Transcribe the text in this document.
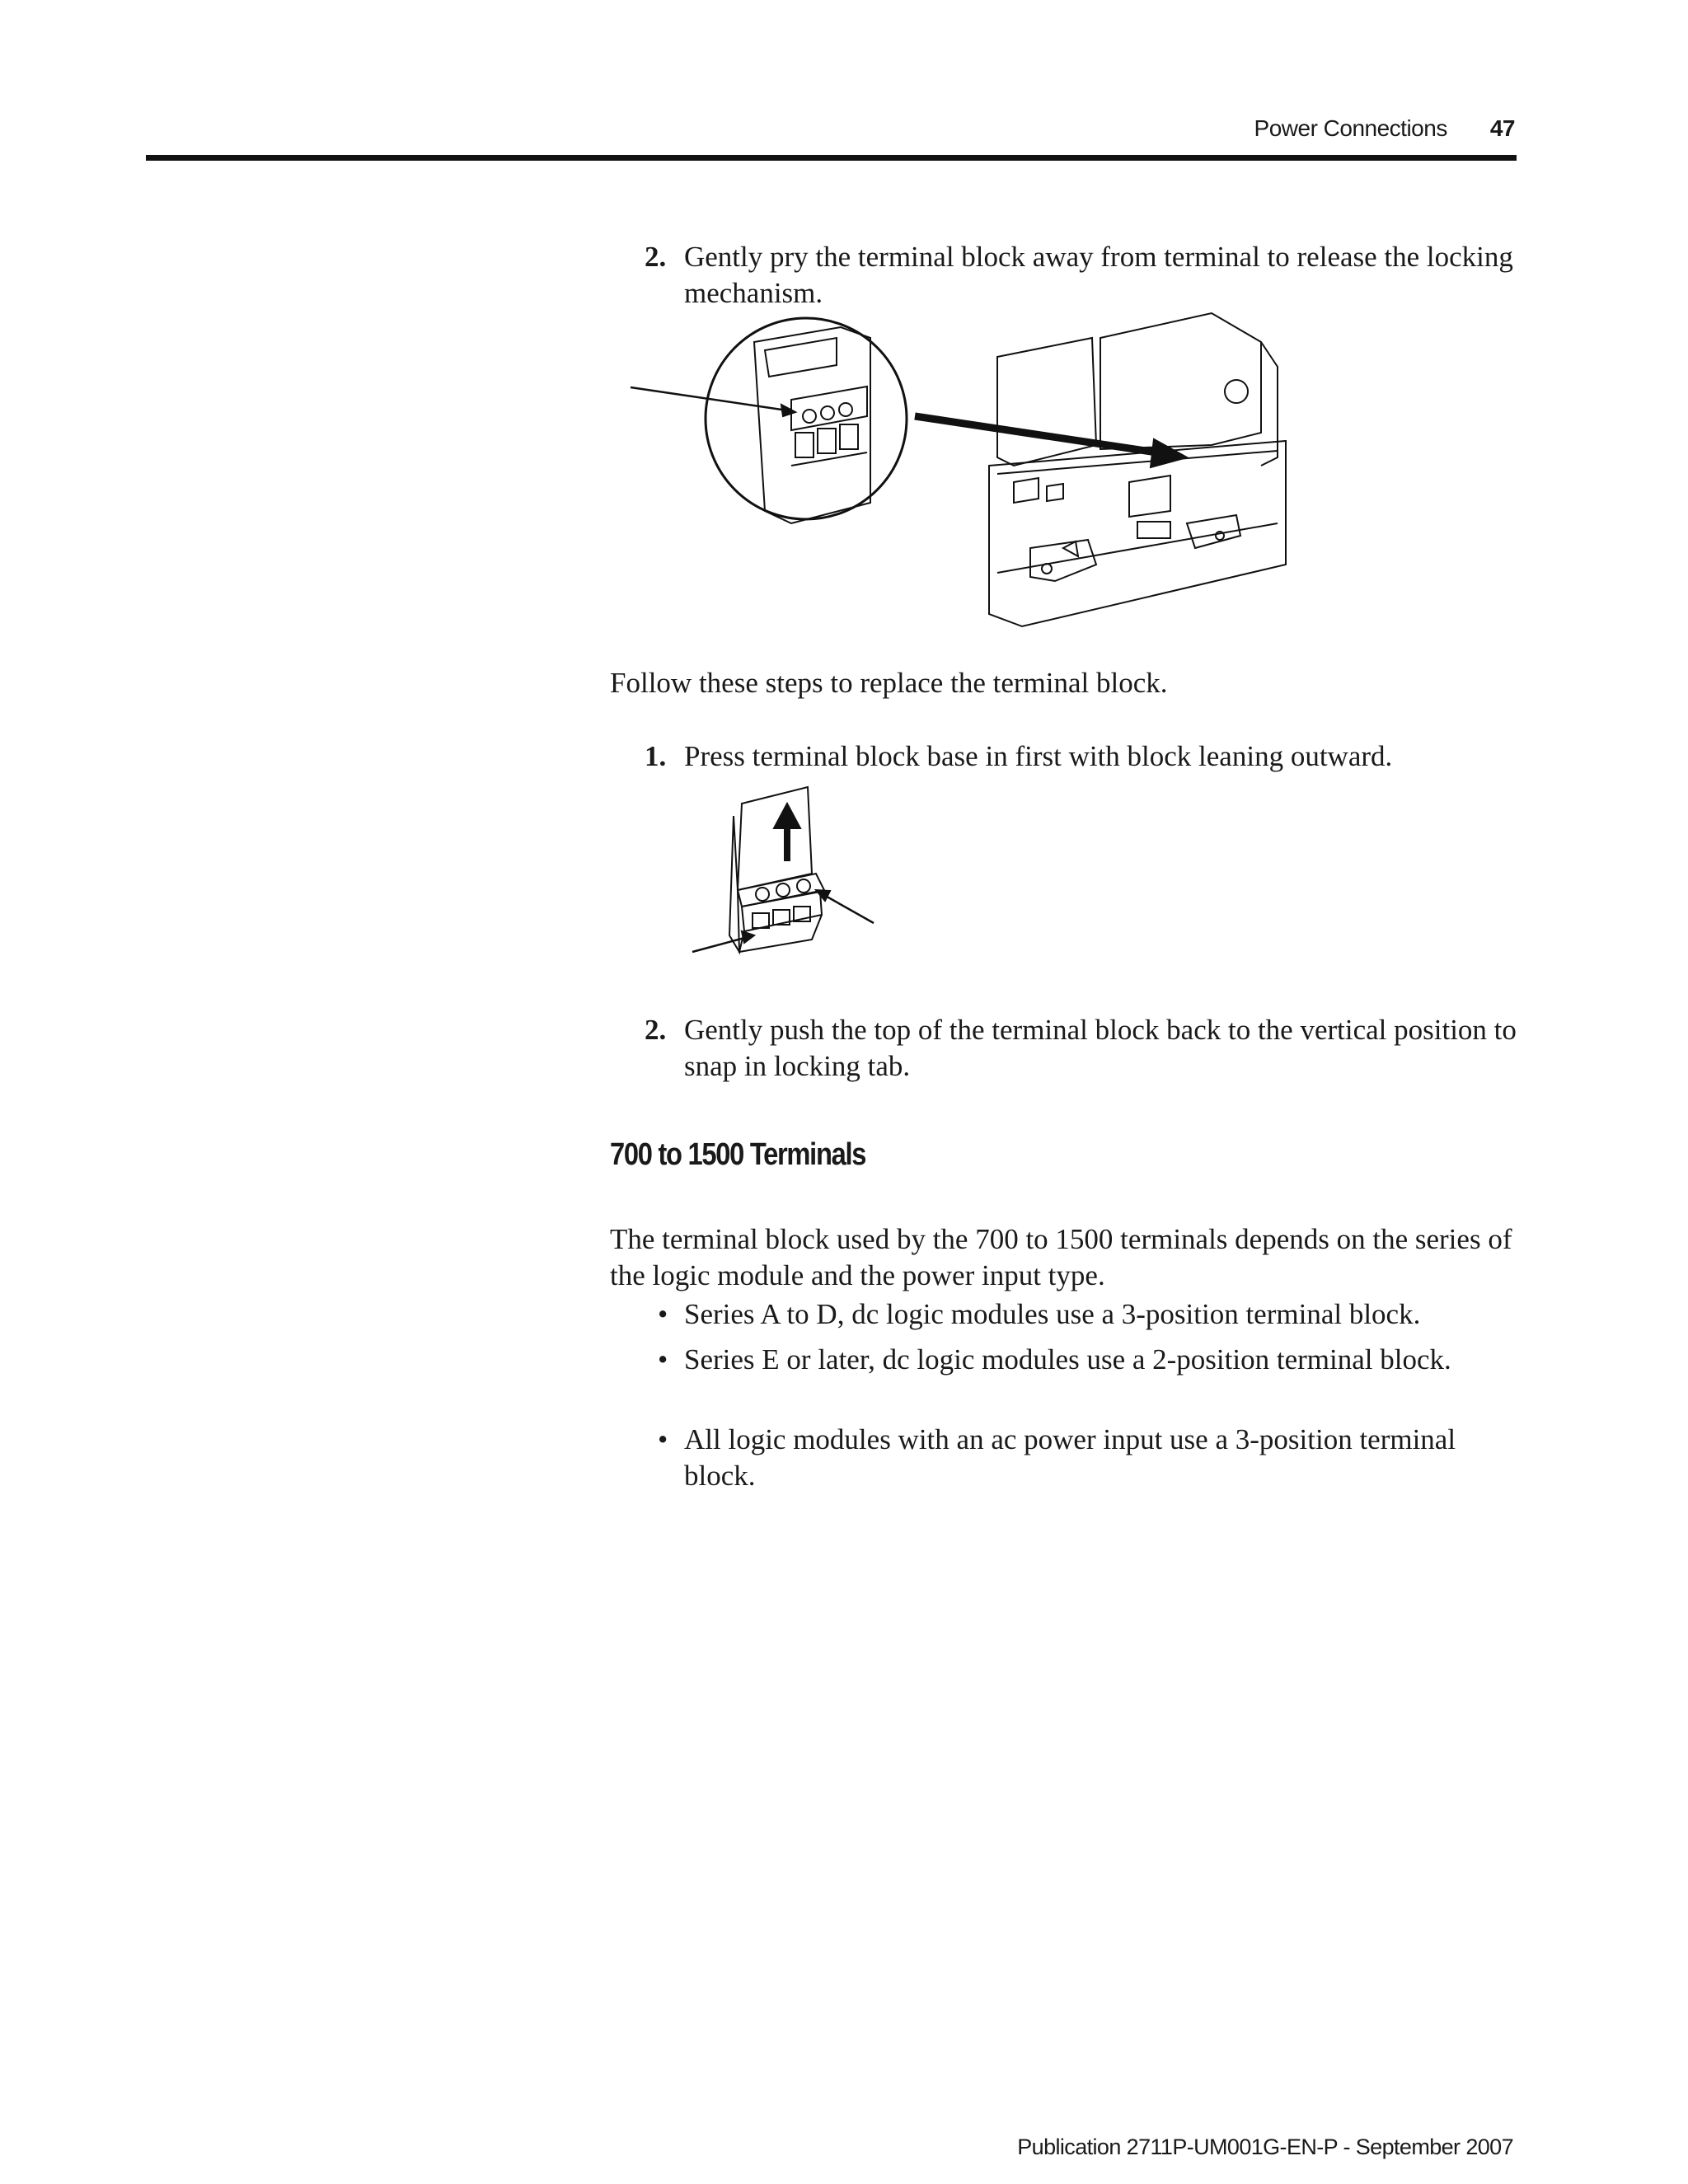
Power Connections 47
2. Gently pry the terminal block away from terminal to release the locking mechanism.
Follow these steps to replace the terminal block.
1. Press terminal block base in first with block leaning outward.
2. Gently push the top of the terminal block back to the vertical position to snap in locking tab.
700 to 1500 Terminals
The terminal block used by the 700 to 1500 terminals depends on the series of the logic module and the power input type.
• Series A to D, dc logic modules use a 3-position terminal block.
• Series E or later, dc logic modules use a 2-position terminal block.
• All logic modules with an ac power input use a 3-position terminal block.
Publication 2711P-UM001G-EN-P - September 2007
